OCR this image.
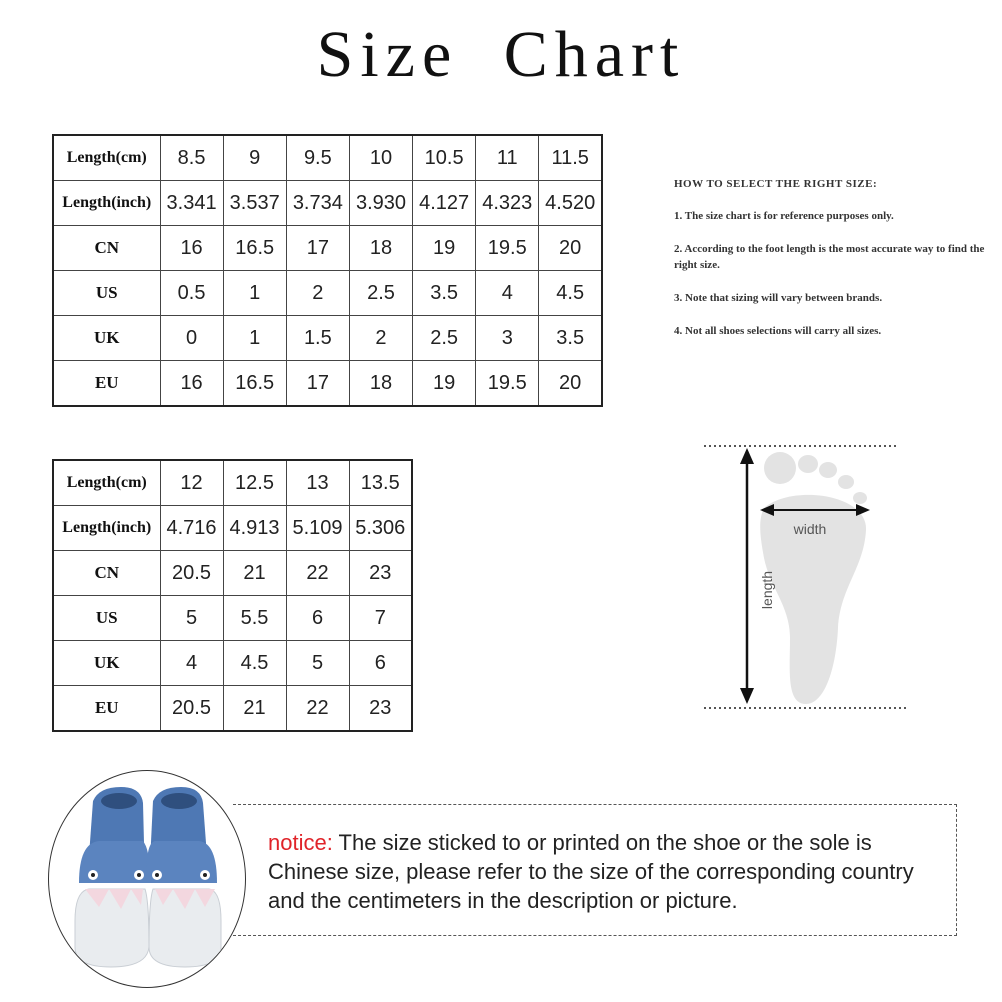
Size Chart
Length(cm)	8.5	9	9.5	10	10.5	11	11.5
Length(inch)	3.341	3.537	3.734	3.930	4.127	4.323	4.520
CN	16	16.5	17	18	19	19.5	20
US	0.5	1	2	2.5	3.5	4	4.5
UK	0	1	1.5	2	2.5	3	3.5
EU	16	16.5	17	18	19	19.5	20
Length(cm)	12	12.5	13	13.5
Length(inch)	4.716	4.913	5.109	5.306
CN	20.5	21	22	23
US	5	5.5	6	7
UK	4	4.5	5	6
EU	20.5	21	22	23
HOW TO SELECT THE RIGHT SIZE:
1. The size chart is for reference purposes only.
2. According to the foot length is the most accurate way to find the right size.
3. Note that sizing will vary between brands.
4. Not all shoes selections will carry all sizes.
width
length
notice: The size sticked to or printed on the shoe or the sole is Chinese size, please refer to the size of the corresponding country and the centimeters in the description or picture.
